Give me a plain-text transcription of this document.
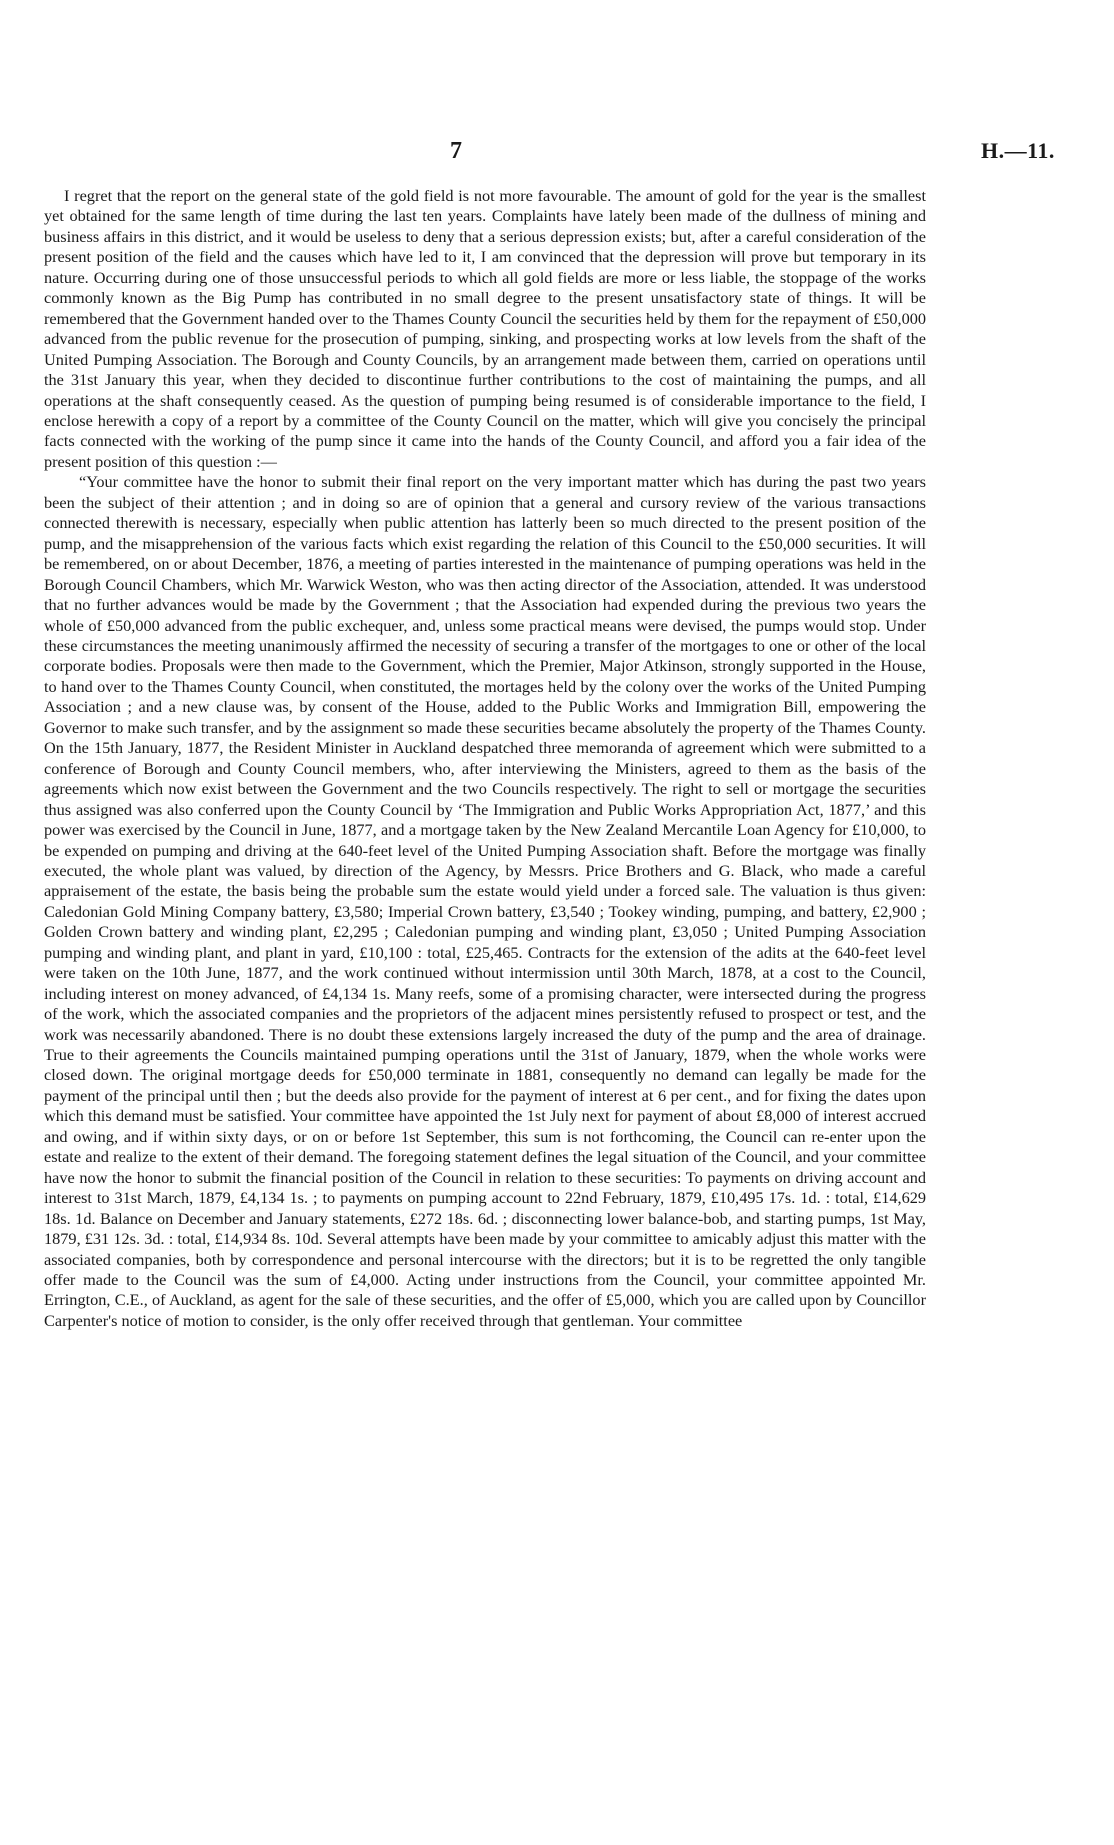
7	H.—11.

I regret that the report on the general state of the gold field is not more favourable. The amount of gold for the year is the smallest yet obtained for the same length of time during the last ten years. Complaints have lately been made of the dullness of mining and business affairs in this district, and it would be useless to deny that a serious depression exists; but, after a careful consideration of the present position of the field and the causes which have led to it, I am convinced that the depression will prove but temporary in its nature. Occurring during one of those unsuccessful periods to which all gold fields are more or less liable, the stoppage of the works commonly known as the Big Pump has contributed in no small degree to the present unsatisfactory state of things. It will be remembered that the Government handed over to the Thames County Council the securities held by them for the repayment of £50,000 advanced from the public revenue for the prosecution of pumping, sinking, and prospecting works at low levels from the shaft of the United Pumping Association. The Borough and County Councils, by an arrangement made between them, carried on operations until the 31st January this year, when they decided to discontinue further contributions to the cost of maintaining the pumps, and all operations at the shaft consequently ceased. As the question of pumping being resumed is of considerable importance to the field, I enclose herewith a copy of a report by a committee of the County Council on the matter, which will give you concisely the principal facts connected with the working of the pump since it came into the hands of the County Council, and afford you a fair idea of the present position of this question :—

“Your committee have the honor to submit their final report on the very important matter which has during the past two years been the subject of their attention ; and in doing so are of opinion that a general and cursory review of the various transactions connected therewith is necessary, especially when public attention has latterly been so much directed to the present position of the pump, and the misapprehension of the various facts which exist regarding the relation of this Council to the £50,000 securities. It will be remembered, on or about December, 1876, a meeting of parties interested in the maintenance of pumping operations was held in the Borough Council Chambers, which Mr. Warwick Weston, who was then acting director of the Association, attended. It was understood that no further advances would be made by the Government ; that the Association had expended during the previous two years the whole of £50,000 advanced from the public exchequer, and, unless some practical means were devised, the pumps would stop. Under these circumstances the meeting unanimously affirmed the necessity of securing a transfer of the mortgages to one or other of the local corporate bodies. Proposals were then made to the Government, which the Premier, Major Atkinson, strongly supported in the House, to hand over to the Thames County Council, when constituted, the mortages held by the colony over the works of the United Pumping Association ; and a new clause was, by consent of the House, added to the Public Works and Immigration Bill, empowering the Governor to make such transfer, and by the assignment so made these securities became absolutely the property of the Thames County. On the 15th January, 1877, the Resident Minister in Auckland despatched three memoranda of agreement which were submitted to a conference of Borough and County Council members, who, after interviewing the Ministers, agreed to them as the basis of the agreements which now exist between the Government and the two Councils respectively. The right to sell or mortgage the securities thus assigned was also conferred upon the County Council by ‘The Immigration and Public Works Appropriation Act, 1877,’ and this power was exercised by the Council in June, 1877, and a mortgage taken by the New Zealand Mercantile Loan Agency for £10,000, to be expended on pumping and driving at the 640-feet level of the United Pumping Association shaft. Before the mortgage was finally executed, the whole plant was valued, by direction of the Agency, by Messrs. Price Brothers and G. Black, who made a careful appraisement of the estate, the basis being the probable sum the estate would yield under a forced sale. The valuation is thus given: Caledonian Gold Mining Company battery, £3,580; Imperial Crown battery, £3,540 ; Tookey winding, pumping, and battery, £2,900 ; Golden Crown battery and winding plant, £2,295 ; Caledonian pumping and winding plant, £3,050 ; United Pumping Association pumping and winding plant, and plant in yard, £10,100 : total, £25,465. Contracts for the extension of the adits at the 640-feet level were taken on the 10th June, 1877, and the work continued without intermission until 30th March, 1878, at a cost to the Council, including interest on money advanced, of £4,134 1s. Many reefs, some of a promising character, were intersected during the progress of the work, which the associated companies and the proprietors of the adjacent mines persistently refused to prospect or test, and the work was necessarily abandoned. There is no doubt these extensions largely increased the duty of the pump and the area of drainage. True to their agreements the Councils maintained pumping operations until the 31st of January, 1879, when the whole works were closed down. The original mortgage deeds for £50,000 terminate in 1881, consequently no demand can legally be made for the payment of the principal until then ; but the deeds also provide for the payment of interest at 6 per cent., and for fixing the dates upon which this demand must be satisfied. Your committee have appointed the 1st July next for payment of about £8,000 of interest accrued and owing, and if within sixty days, or on or before 1st September, this sum is not forthcoming, the Council can re-enter upon the estate and realize to the extent of their demand. The foregoing statement defines the legal situation of the Council, and your committee have now the honor to submit the financial position of the Council in relation to these securities: To payments on driving account and interest to 31st March, 1879, £4,134 1s. ; to payments on pumping account to 22nd February, 1879, £10,495 17s. 1d. : total, £14,629 18s. 1d. Balance on December and January statements, £272 18s. 6d. ; disconnecting lower balance-bob, and starting pumps, 1st May, 1879, £31 12s. 3d. : total, £14,934 8s. 10d. Several attempts have been made by your committee to amicably adjust this matter with the associated companies, both by correspondence and personal intercourse with the directors; but it is to be regretted the only tangible offer made to the Council was the sum of £4,000. Acting under instructions from the Council, your committee appointed Mr. Errington, C.E., of Auckland, as agent for the sale of these securities, and the offer of £5,000, which you are called upon by Councillor Carpenter's notice of motion to consider, is the only offer received through that gentleman. Your committee
